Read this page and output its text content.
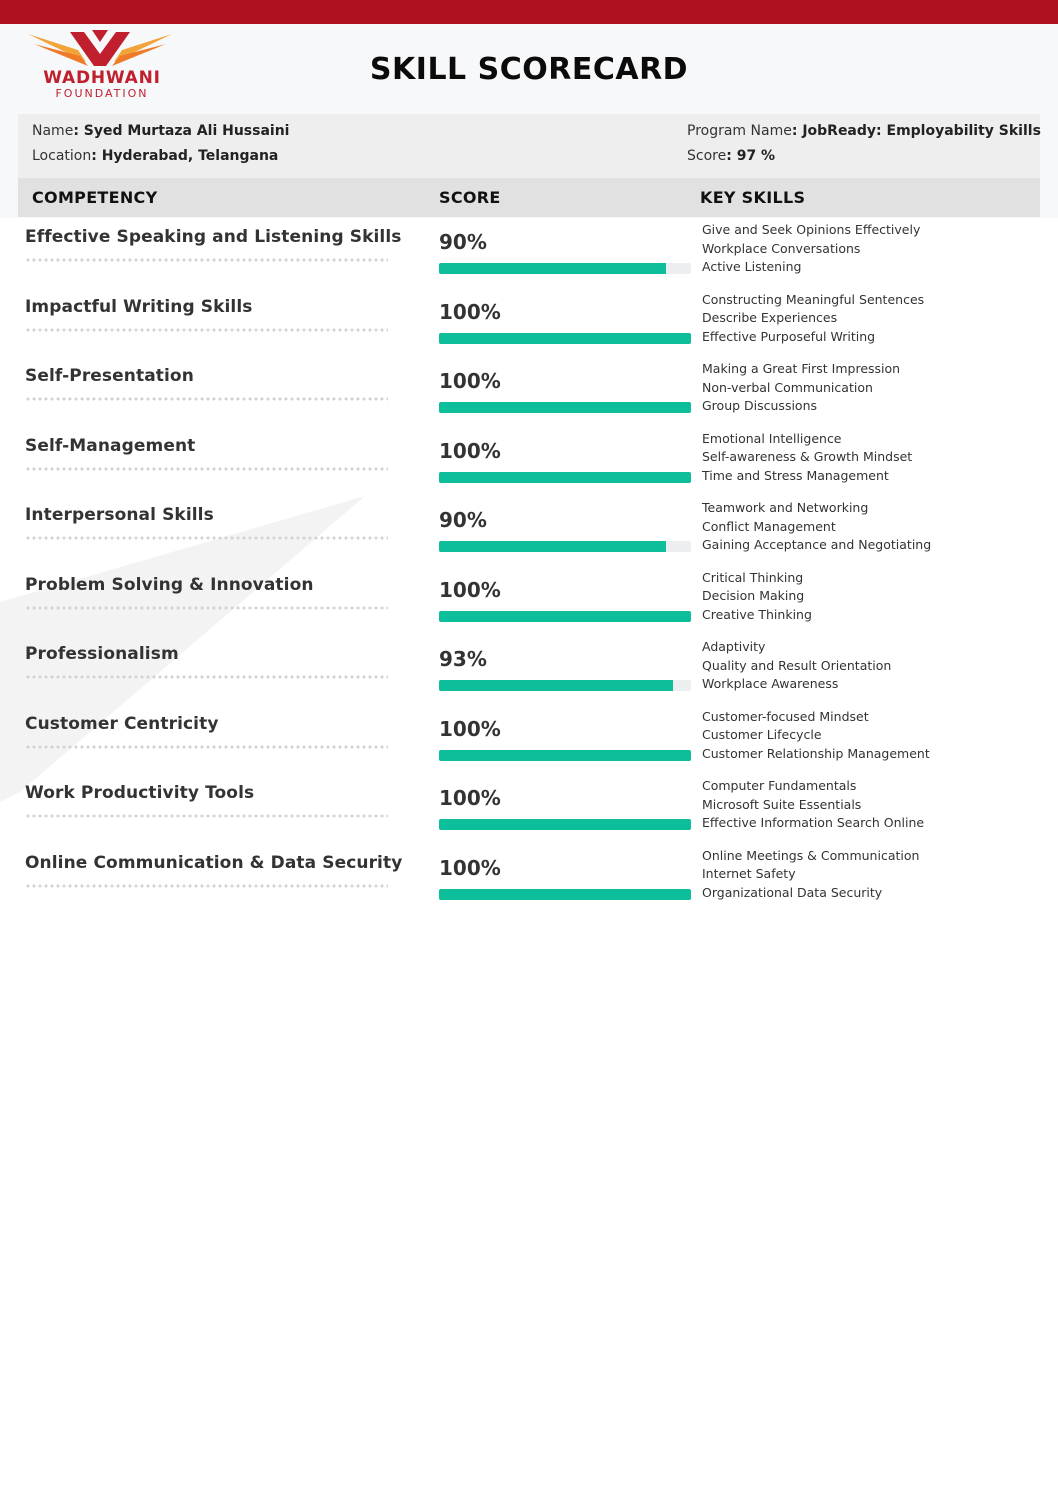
WADHWANI
FOUNDATION
SKILL SCORECARD
Name: Syed Murtaza Ali Hussaini
Location: Hyderabad, Telangana
Program Name: JobReady: Employability Skills
Score: 97 %
COMPETENCY	SCORE	KEY SKILLS
Effective Speaking and Listening Skills 90%
Give and Seek Opinions Effectively
Workplace Conversations
Active Listening
Impactful Writing Skills	100%
Constructing Meaningful Sentences
Describe Experiences
Effective Purposeful Writing
Self-Presentation	100%
Making a Great First Impression
Non-verbal Communication
Group Discussions
Self-Management	100%
Emotional Intelligence
Self-awareness & Growth Mindset
Time and Stress Management
Interpersonal Skills	90%
Teamwork and Networking
Conflict Management
Gaining Acceptance and Negotiating
Problem Solving & Innovation	100%
Critical Thinking
Decision Making
Creative Thinking
Professionalism	93%
Adaptivity
Quality and Result Orientation
Workplace Awareness
Customer Centricity	100%
Customer-focused Mindset
Customer Lifecycle
Customer Relationship Management
Work Productivity Tools	100%
Computer Fundamentals
Microsoft Suite Essentials
Effective Information Search Online
Online Communication & Data Security 100%
Online Meetings & Communication
Internet Safety
Organizational Data Security
